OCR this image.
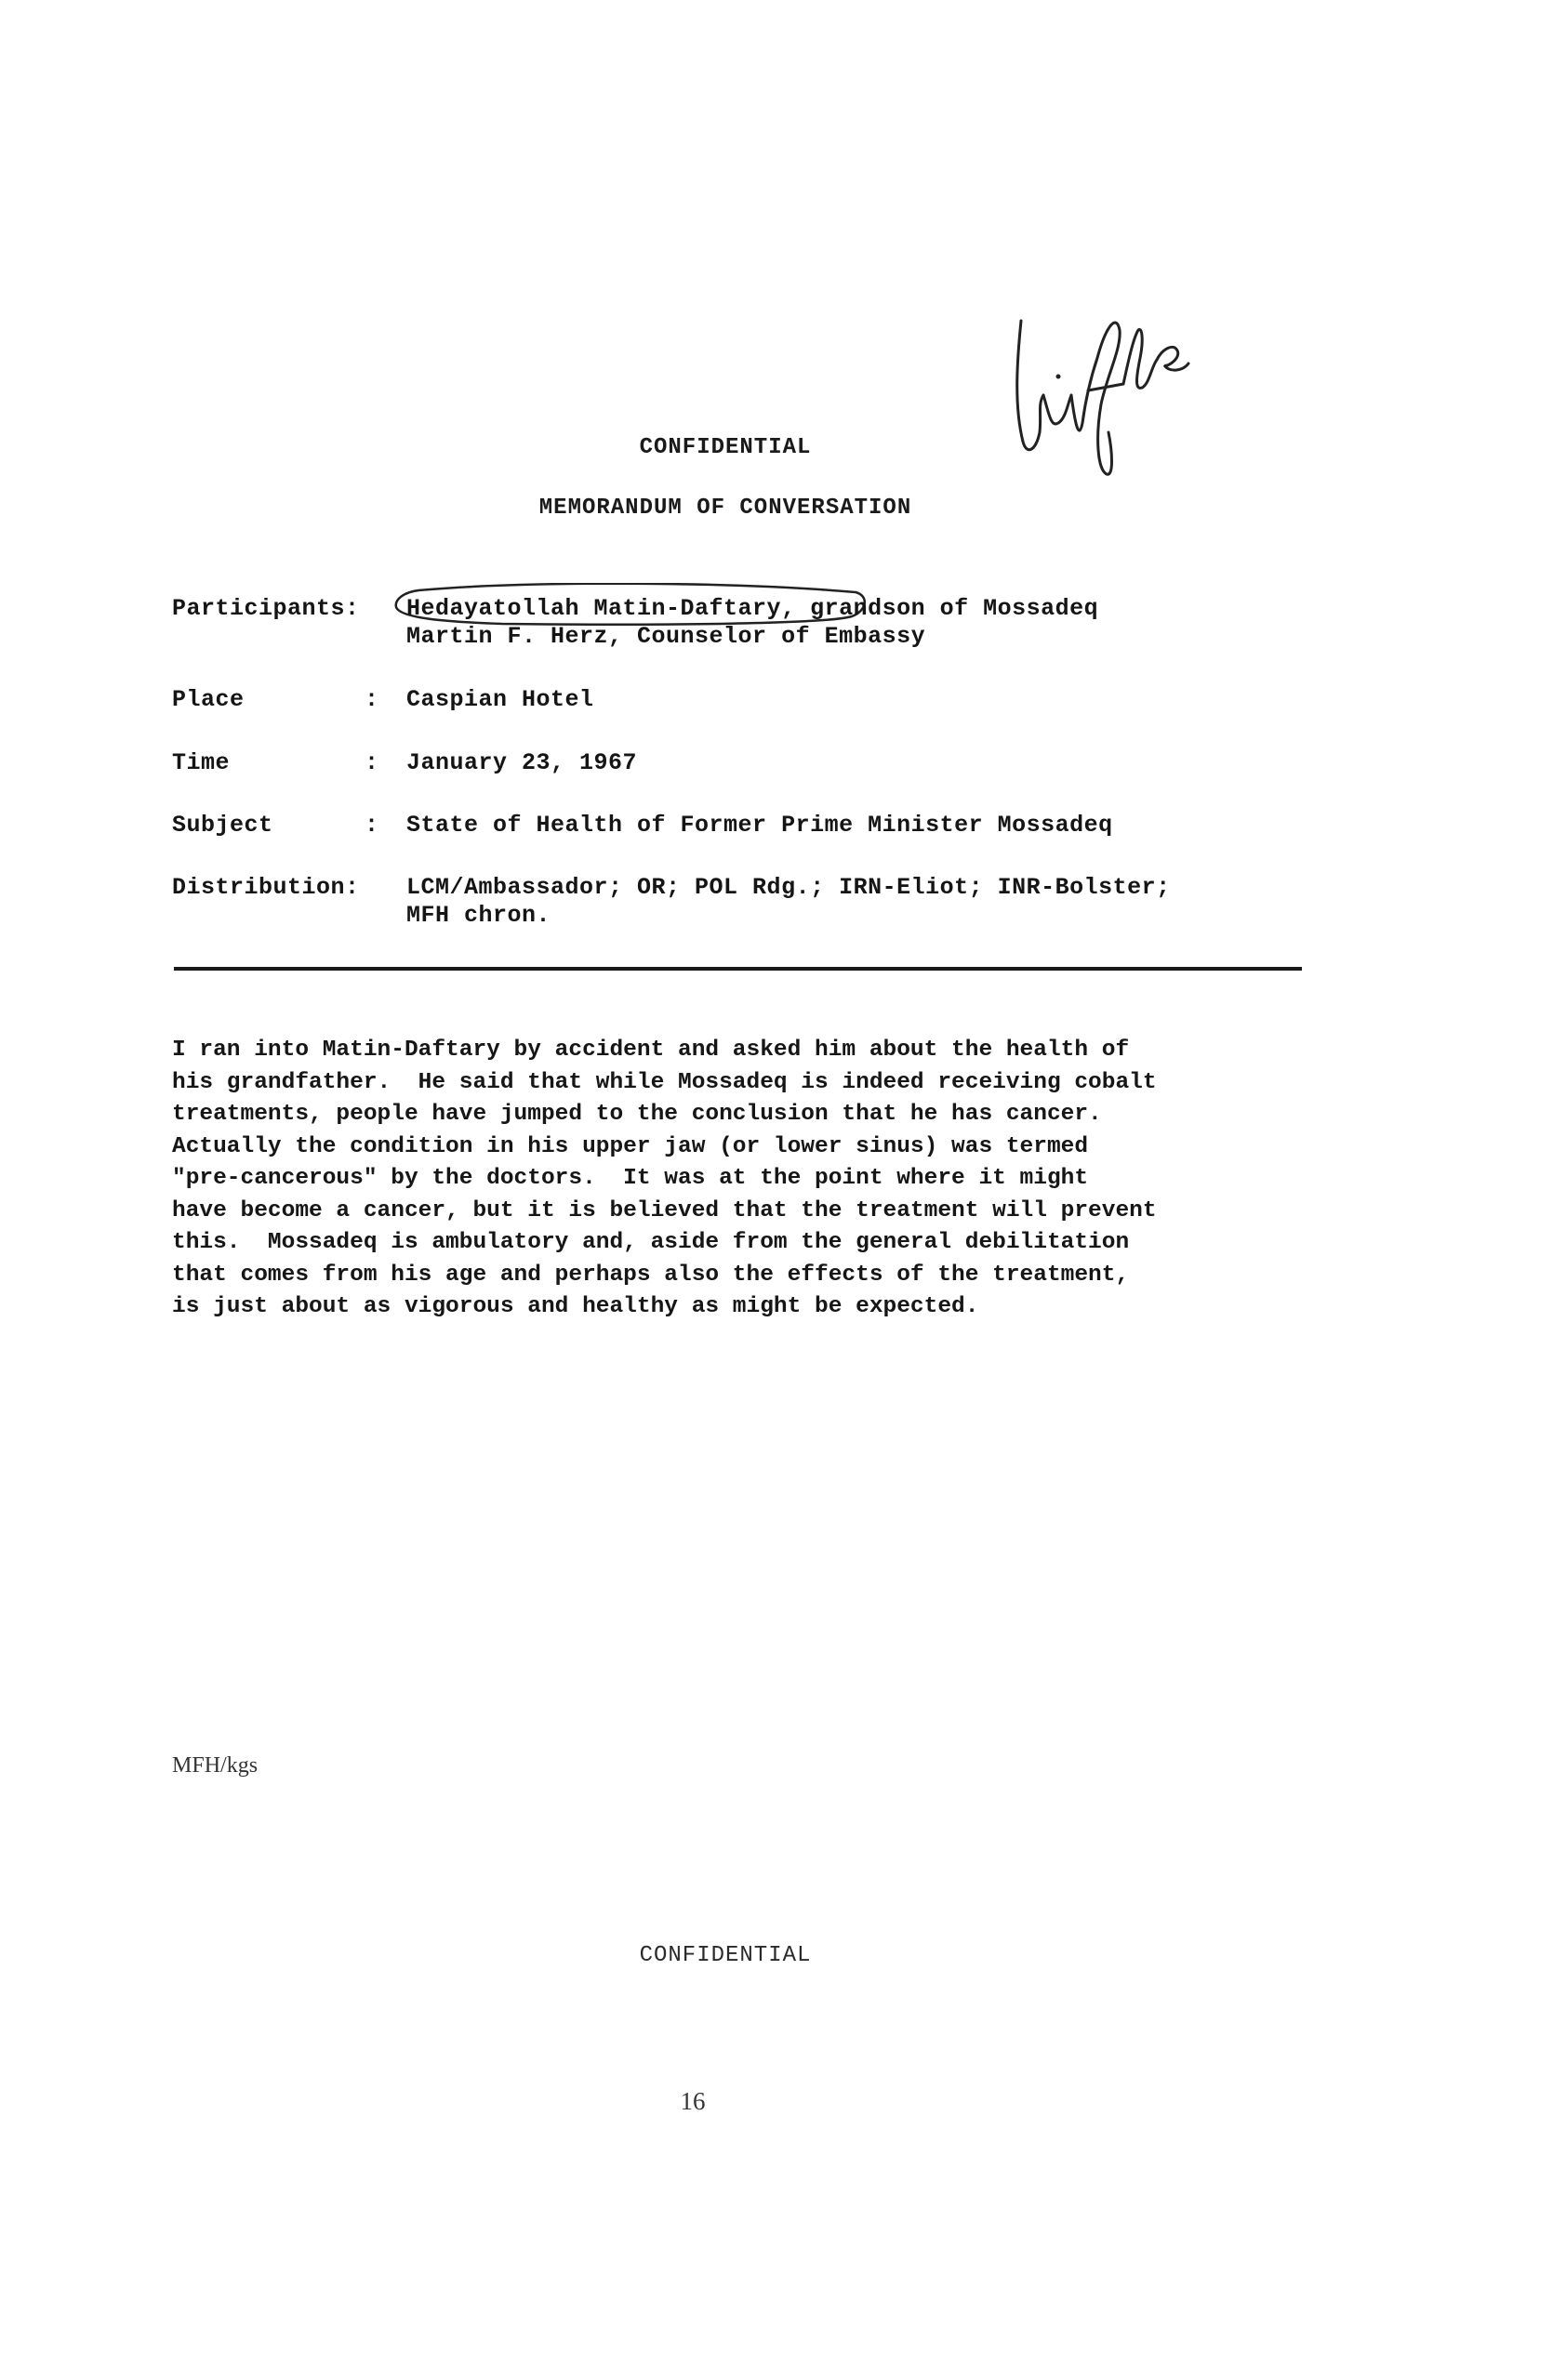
CONFIDENTIAL
MEMORANDUM OF CONVERSATION
Participants: Hedayatollah Matin-Daftary, grandson of Mossadeq
Martin F. Herz, Counselor of Embassy
Place	: Caspian Hotel
Time	: January 23, 1967
Subject	: State of Health of Former Prime Minister Mossadeq
Distribution: LCM/Ambassador; OR; POL Rdg.; IRN-Eliot; INR-Bolster;
MFH chron.
I ran into Matin-Daftary by accident and asked him about the health of
his grandfather.  He said that while Mossadeq is indeed receiving cobalt
treatments, people have jumped to the conclusion that he has cancer.
Actually the condition in his upper jaw (or lower sinus) was termed
"pre-cancerous" by the doctors.  It was at the point where it might
have become a cancer, but it is believed that the treatment will prevent
this.  Mossadeq is ambulatory and, aside from the general debilitation
that comes from his age and perhaps also the effects of the treatment,
is just about as vigorous and healthy as might be expected.
MFH/kgs
CONFIDENTIAL
16
